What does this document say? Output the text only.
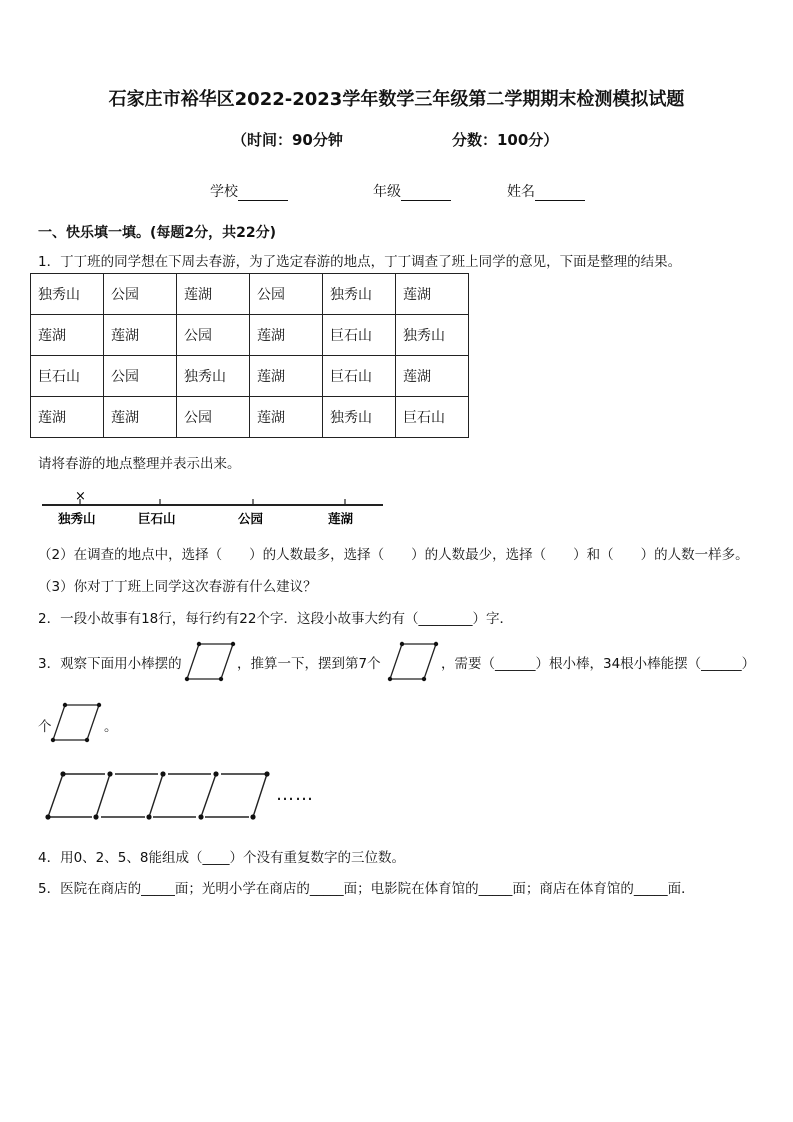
石家庄市裕华区2022-2023学年数学三年级第二学期期末检测模拟试题
（时间：90分钟	分数：100分）
学校	年级	姓名
一、快乐填一填。(每题2分，共22分)
1．丁丁班的同学想在下周去春游，为了选定春游的地点，丁丁调查了班上同学的意见，下面是整理的结果。
独秀山	公园	莲湖	公园	独秀山	莲湖
莲湖	莲湖	公园	莲湖	巨石山	独秀山
巨石山	公园	独秀山	莲湖	巨石山	莲湖
莲湖	莲湖	公园	莲湖	独秀山	巨石山
请将春游的地点整理并表示出来。
×
独秀山	巨石山	公园	莲湖
（2）在调查的地点中，选择（　　）的人数最多，选择（　　）的人数最少，选择（　　）和（　　）的人数一样多。
（3）你对丁丁班上同学这次春游有什么建议？
2．一段小故事有18行，每行约有22个字．这段小故事大约有（________）字．
3．观察下面用小棒摆的	，推算一下，摆到第7个	，需要（______）根小棒，34根小棒能摆（______）
个	。
……
4．用0、2、5、8能组成（____）个没有重复数字的三位数。
5．医院在商店的_____面；光明小学在商店的_____面；电影院在体育馆的_____面；商店在体育馆的_____面．
